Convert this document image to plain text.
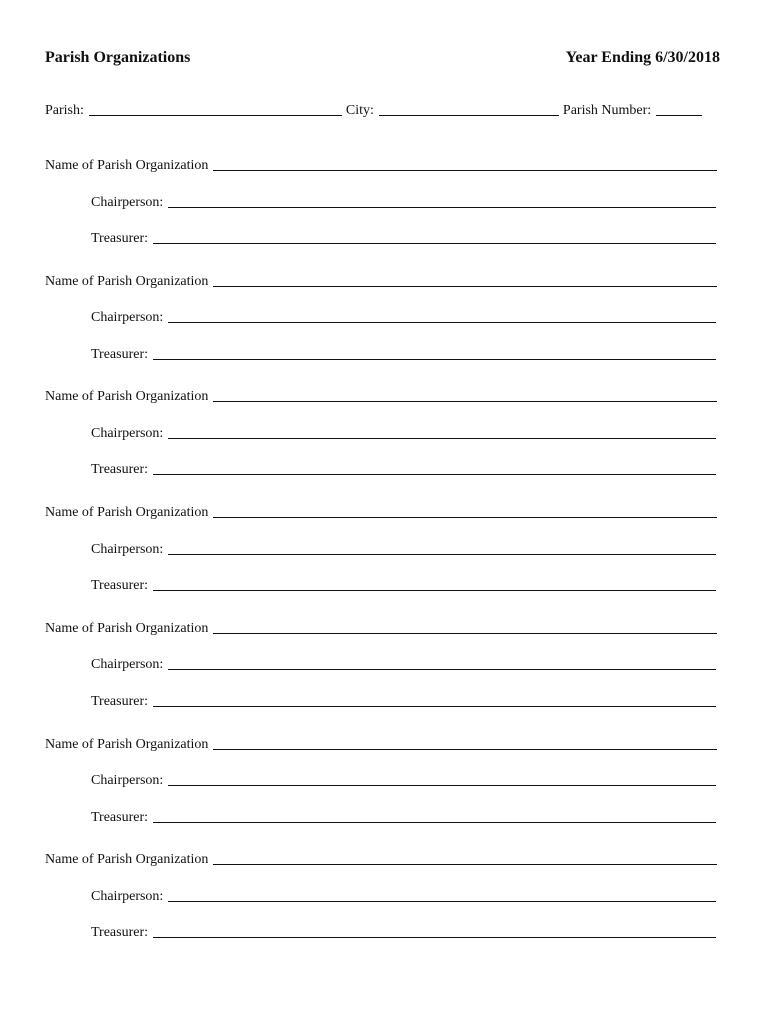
Parish Organizations	Year Ending 6/30/2018
Parish:	City:	Parish Number:
Name of Parish Organization
Chairperson:
Treasurer:
Name of Parish Organization
Chairperson:
Treasurer:
Name of Parish Organization
Chairperson:
Treasurer:
Name of Parish Organization
Chairperson:
Treasurer:
Name of Parish Organization
Chairperson:
Treasurer:
Name of Parish Organization
Chairperson:
Treasurer:
Name of Parish Organization
Chairperson:
Treasurer:
